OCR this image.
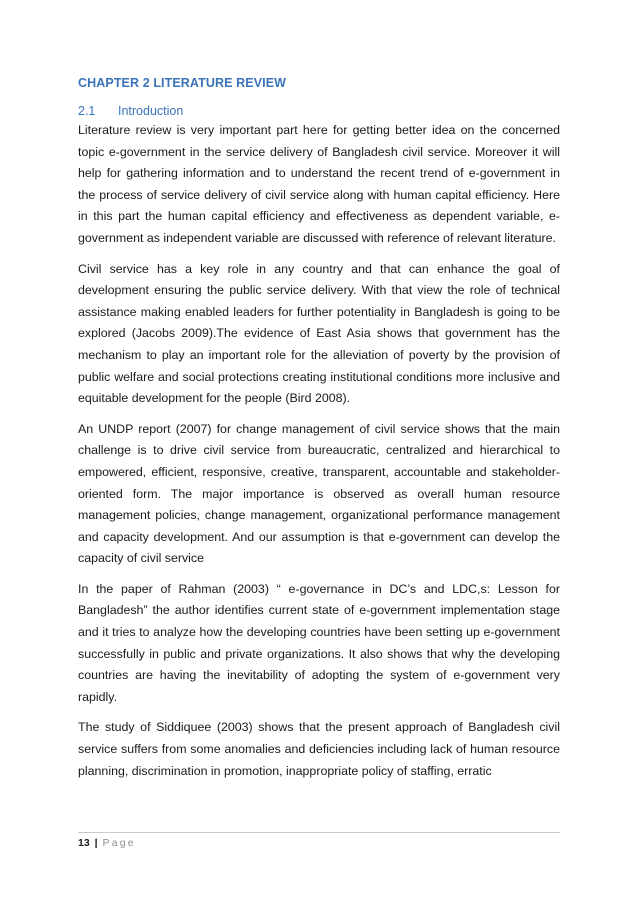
CHAPTER 2 LITERATURE REVIEW
2.1	Introduction

Literature review is very important part here for getting better idea on the concerned topic e-government in the service delivery of Bangladesh civil service. Moreover it will help for gathering information and to understand the recent trend of e-government in the process of service delivery of civil service along with human capital efficiency. Here in this part the human capital efficiency and effectiveness as dependent variable, e-government as independent variable are discussed with reference of relevant literature.

Civil service has a key role in any country and that can enhance the goal of development ensuring the public service delivery. With that view the role of technical assistance making enabled leaders for further potentiality in Bangladesh is going to be explored (Jacobs 2009).The evidence of East Asia shows that government has the mechanism to play an important role for the alleviation of poverty by the provision of public welfare and social protections creating institutional conditions more inclusive and equitable development for the people (Bird 2008).

An UNDP report (2007) for change management of civil service shows that the main challenge is to drive civil service from bureaucratic, centralized and hierarchical to empowered, efficient, responsive, creative, transparent, accountable and stakeholder-oriented form. The major importance is observed as overall human resource management policies, change management, organizational performance management and capacity development. And our assumption is that e-government can develop the capacity of civil service

In the paper of Rahman (2003) “ e-governance in DC’s and LDC,s: Lesson for Bangladesh” the author identifies current state of e-government implementation stage and it tries to analyze how the developing countries have been setting up e-government successfully in public and private organizations. It also shows that why the developing countries are having the inevitability of adopting the system of e-government very rapidly.

The study of Siddiquee (2003) shows that the present approach of Bangladesh civil service suffers from some anomalies and deficiencies including lack of human resource planning, discrimination in promotion, inappropriate policy of staffing, erratic

13 | Page
